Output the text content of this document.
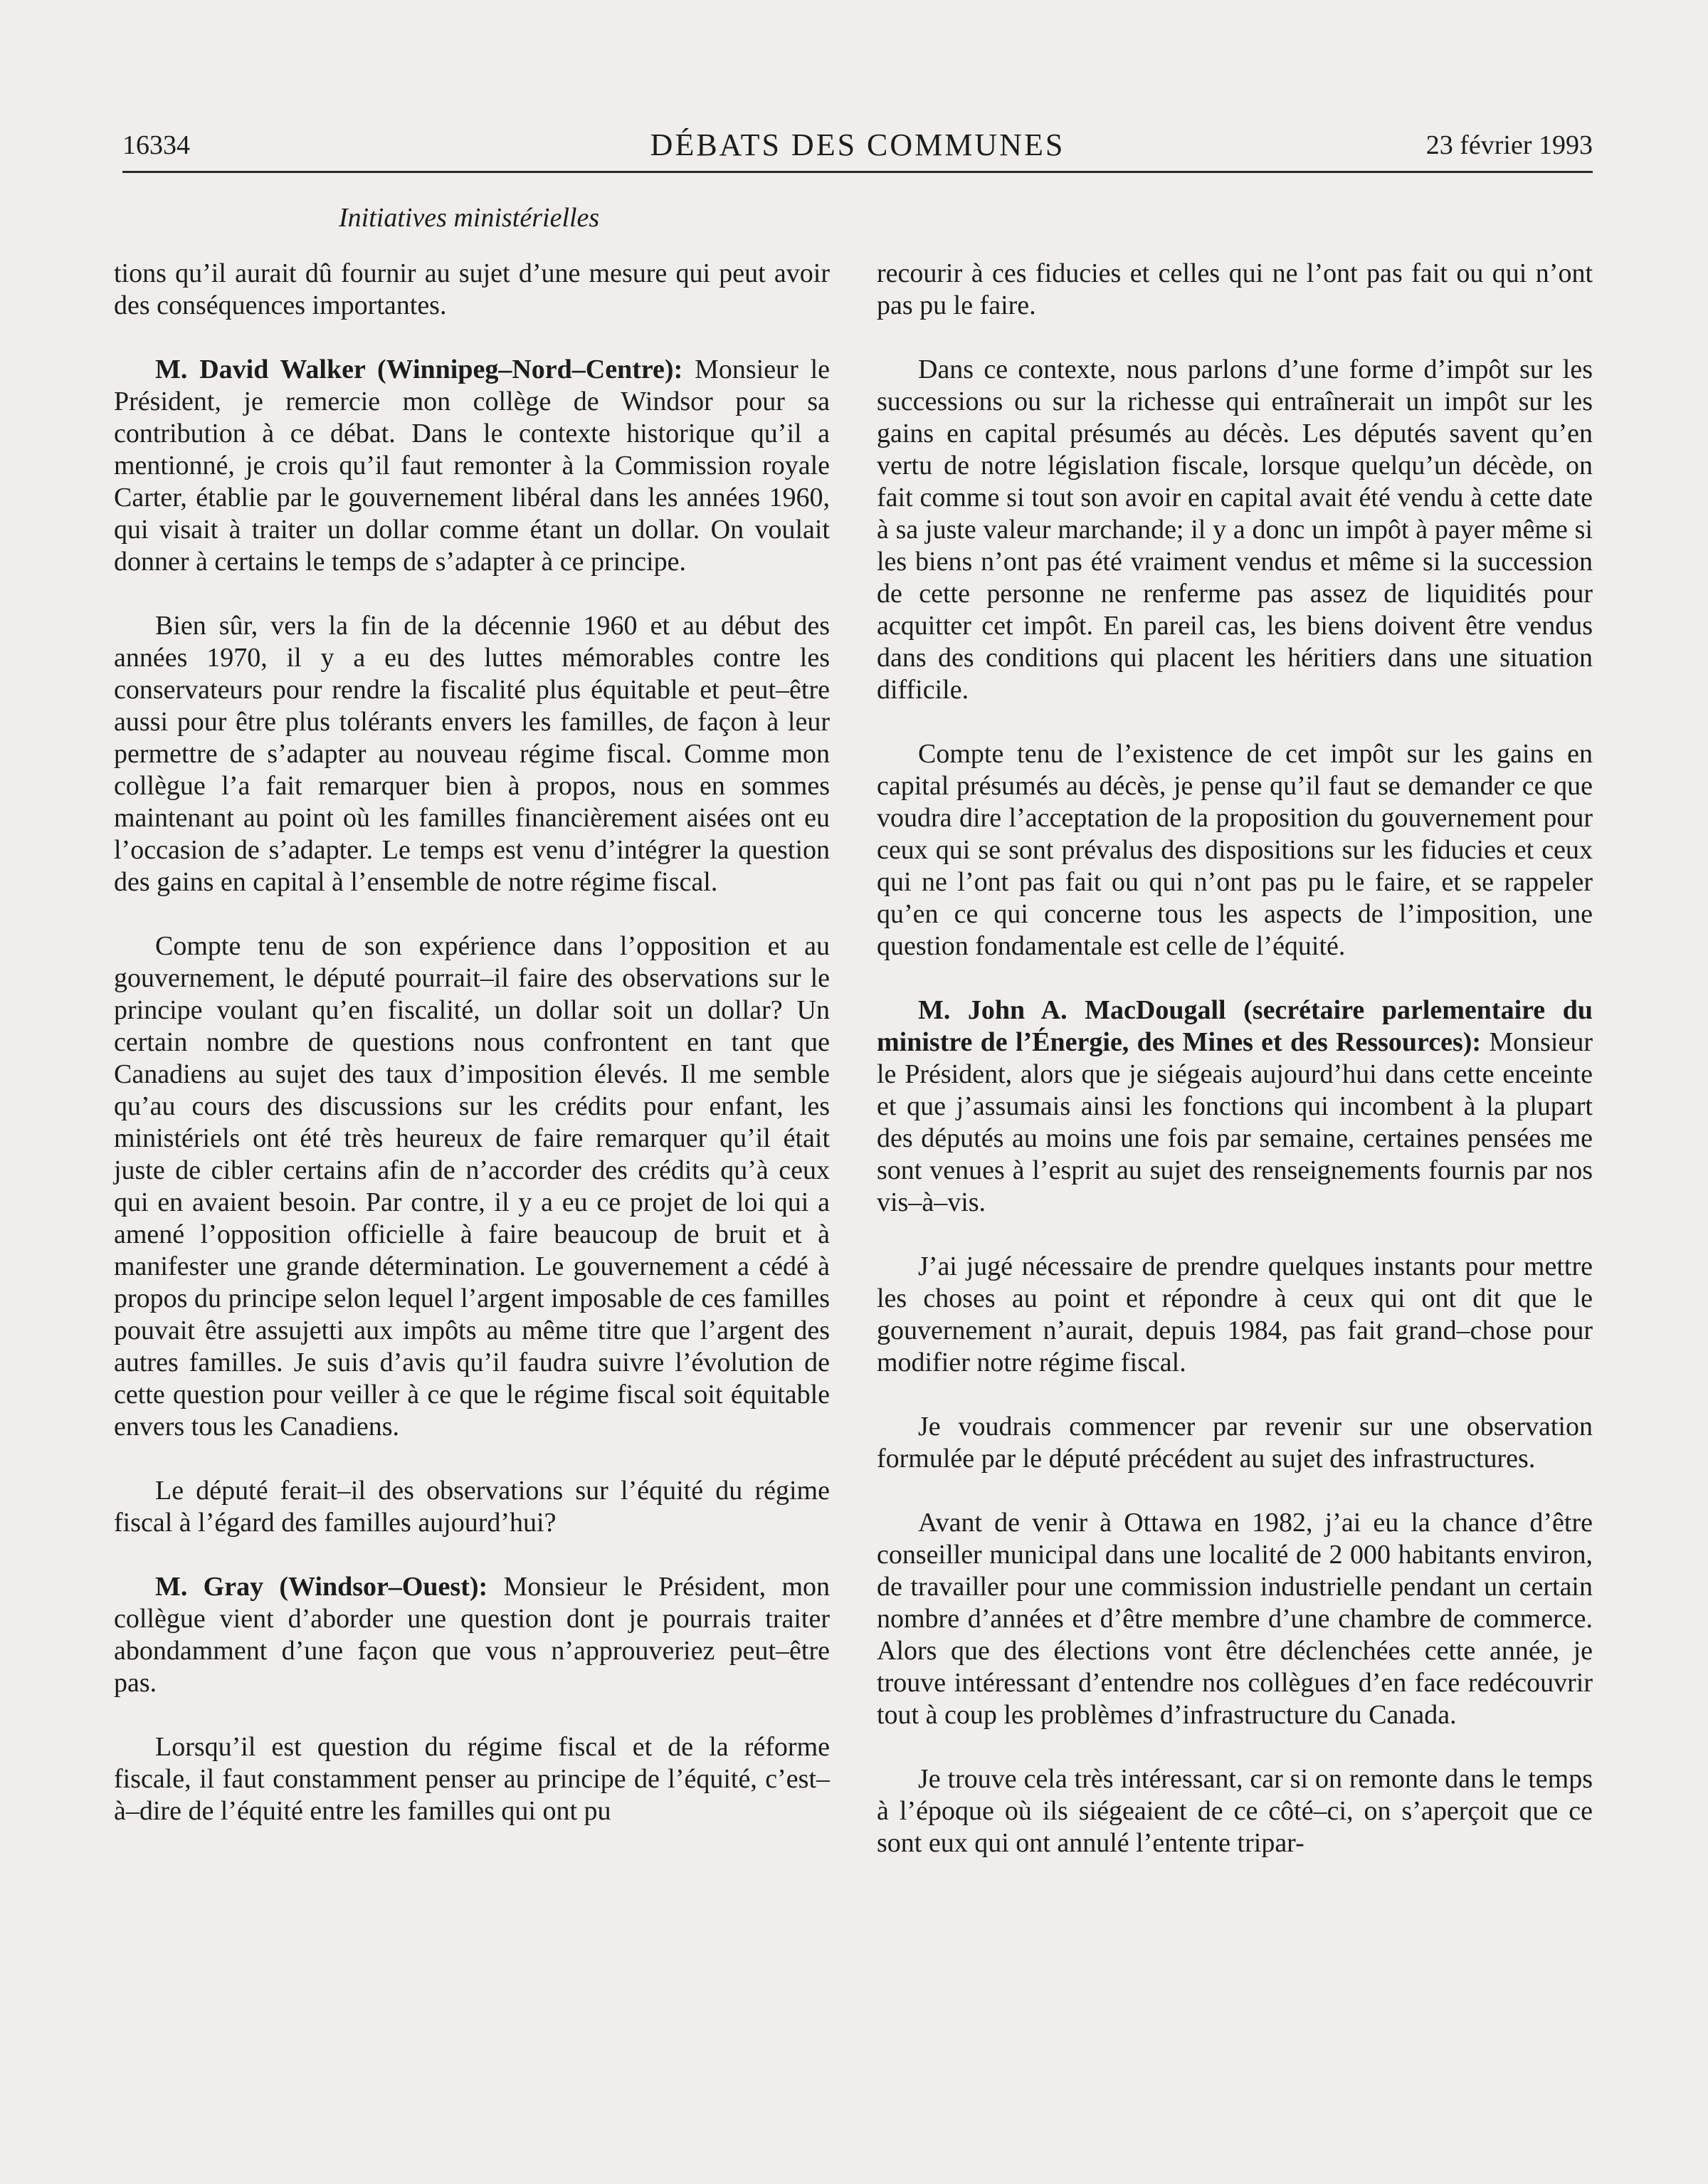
16334	DÉBATS DES COMMUNES	23 février 1993
Initiatives ministérielles

tions qu’il aurait dû fournir au sujet d’une mesure qui peut avoir des conséquences importantes.

M. David Walker (Winnipeg–Nord–Centre): Monsieur le Président, je remercie mon collège de Windsor pour sa contribution à ce débat. Dans le contexte historique qu’il a mentionné, je crois qu’il faut remonter à la Commission royale Carter, établie par le gouvernement libéral dans les années 1960, qui visait à traiter un dollar comme étant un dollar. On voulait donner à certains le temps de s’adapter à ce principe.

Bien sûr, vers la fin de la décennie 1960 et au début des années 1970, il y a eu des luttes mémorables contre les conservateurs pour rendre la fiscalité plus équitable et peut–être aussi pour être plus tolérants envers les familles, de façon à leur permettre de s’adapter au nouveau régime fiscal. Comme mon collègue l’a fait remarquer bien à propos, nous en sommes maintenant au point où les familles financièrement aisées ont eu l’occasion de s’adapter. Le temps est venu d’intégrer la question des gains en capital à l’ensemble de notre régime fiscal.

Compte tenu de son expérience dans l’opposition et au gouvernement, le député pourrait–il faire des observations sur le principe voulant qu’en fiscalité, un dollar soit un dollar? Un certain nombre de questions nous confrontent en tant que Canadiens au sujet des taux d’imposition élevés. Il me semble qu’au cours des discussions sur les crédits pour enfant, les ministériels ont été très heureux de faire remarquer qu’il était juste de cibler certains afin de n’accorder des crédits qu’à ceux qui en avaient besoin. Par contre, il y a eu ce projet de loi qui a amené l’opposition officielle à faire beaucoup de bruit et à manifester une grande détermination. Le gouvernement a cédé à propos du principe selon lequel l’argent imposable de ces familles pouvait être assujetti aux impôts au même titre que l’argent des autres familles. Je suis d’avis qu’il faudra suivre l’évolution de cette question pour veiller à ce que le régime fiscal soit équitable envers tous les Canadiens.

Le député ferait–il des observations sur l’équité du régime fiscal à l’égard des familles aujourd’hui?

M. Gray (Windsor–Ouest): Monsieur le Président, mon collègue vient d’aborder une question dont je pourrais traiter abondamment d’une façon que vous n’approuveriez peut–être pas.

Lorsqu’il est question du régime fiscal et de la réforme fiscale, il faut constamment penser au principe de l’équité, c’est–à–dire de l’équité entre les familles qui ont pu

recourir à ces fiducies et celles qui ne l’ont pas fait ou qui n’ont pas pu le faire.

Dans ce contexte, nous parlons d’une forme d’impôt sur les successions ou sur la richesse qui entraînerait un impôt sur les gains en capital présumés au décès. Les députés savent qu’en vertu de notre législation fiscale, lorsque quelqu’un décède, on fait comme si tout son avoir en capital avait été vendu à cette date à sa juste valeur marchande; il y a donc un impôt à payer même si les biens n’ont pas été vraiment vendus et même si la succession de cette personne ne renferme pas assez de liquidités pour acquitter cet impôt. En pareil cas, les biens doivent être vendus dans des conditions qui placent les héritiers dans une situation difficile.

Compte tenu de l’existence de cet impôt sur les gains en capital présumés au décès, je pense qu’il faut se demander ce que voudra dire l’acceptation de la proposition du gouvernement pour ceux qui se sont prévalus des dispositions sur les fiducies et ceux qui ne l’ont pas fait ou qui n’ont pas pu le faire, et se rappeler qu’en ce qui concerne tous les aspects de l’imposition, une question fondamentale est celle de l’équité.

M. John A. MacDougall (secrétaire parlementaire du ministre de l’Énergie, des Mines et des Ressources): Monsieur le Président, alors que je siégeais aujourd’hui dans cette enceinte et que j’assumais ainsi les fonctions qui incombent à la plupart des députés au moins une fois par semaine, certaines pensées me sont venues à l’esprit au sujet des renseignements fournis par nos vis–à–vis.

J’ai jugé nécessaire de prendre quelques instants pour mettre les choses au point et répondre à ceux qui ont dit que le gouvernement n’aurait, depuis 1984, pas fait grand–chose pour modifier notre régime fiscal.

Je voudrais commencer par revenir sur une observation formulée par le député précédent au sujet des infrastructures.

Avant de venir à Ottawa en 1982, j’ai eu la chance d’être conseiller municipal dans une localité de 2 000 habitants environ, de travailler pour une commission industrielle pendant un certain nombre d’années et d’être membre d’une chambre de commerce. Alors que des élections vont être déclenchées cette année, je trouve intéressant d’entendre nos collègues d’en face redécouvrir tout à coup les problèmes d’infrastructure du Canada.

Je trouve cela très intéressant, car si on remonte dans le temps à l’époque où ils siégeaient de ce côté–ci, on s’aperçoit que ce sont eux qui ont annulé l’entente tripar-
